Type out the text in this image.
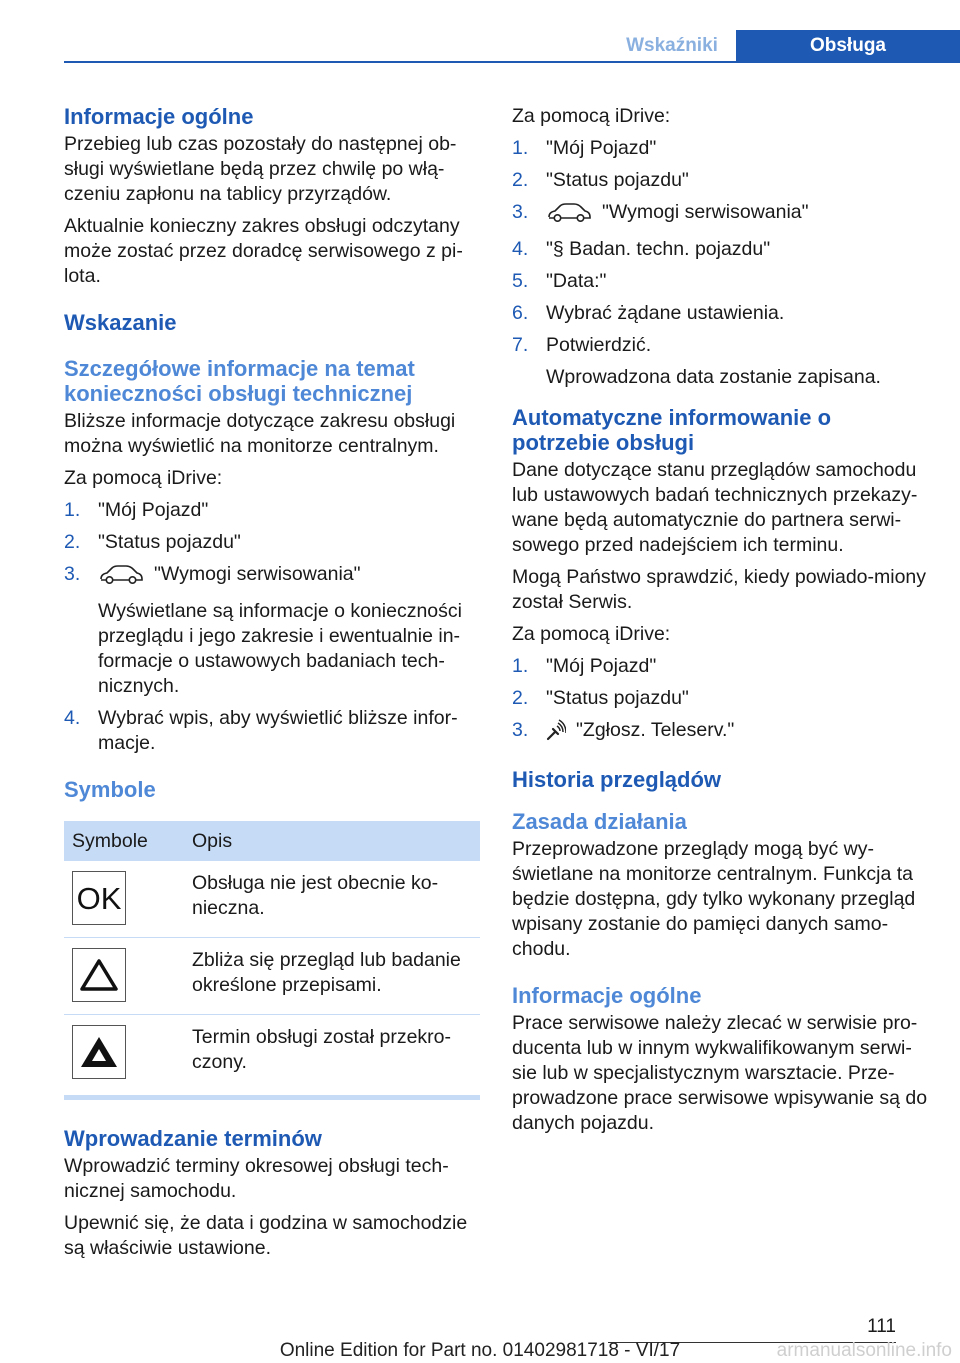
Wskaźniki	Obsługa
Informacje ogólne

Przebieg lub czas pozostały do następnej ob-sługi wyświetlane będą przez chwilę po włą-czeniu zapłonu na tablicy przyrządów.

Aktualnie konieczny zakres obsługi odczytany może zostać przez doradcę serwisowego z pi-lota.

Wskazanie
Szczegółowe informacje na temat konieczności obsługi technicznej

Bliższe informacje dotyczące zakresu obsługi można wyświetlić na monitorze centralnym.

Za pomocą iDrive:

1. "Mój Pojazd"
2. "Status pojazdu"
3.	"Wymogi serwisowania"
Wyświetlane są informacje o konieczności przeglądu i jego zakresie i ewentualnie in-formacje o ustawowych badaniach tech-nicznych.
4. Wybrać wpis, aby wyświetlić bliższe infor-macje.
Symbole
Symbole	Opis

OK	Obsługa nie jest obecnie ko-nieczna.

	Zbliża się przegląd lub badanie określone przepisami.

	Termin obsługi został przekro-czony.
Wprowadzanie terminów

Wprowadzić terminy okresowej obsługi tech-nicznej samochodu.

Upewnić się, że data i godzina w samochodzie są właściwie ustawione.

Za pomocą iDrive:

1. "Mój Pojazd"
2. "Status pojazdu"
3.	"Wymogi serwisowania"
4. "§ Badan. techn. pojazdu"
5. "Data:"
6. Wybrać żądane ustawienia.
7. Potwierdzić.
Wprowadzona data zostanie zapisana.
Automatyczne informowanie o potrzebie obsługi

Dane dotyczące stanu przeglądów samochodu lub ustawowych badań technicznych przekazy-wane będą automatycznie do partnera serwi-sowego przed nadejściem ich terminu.

Mogą Państwo sprawdzić, kiedy powiado-miony został Serwis.

Za pomocą iDrive:

1. "Mój Pojazd"
2. "Status pojazdu"
3. "Zgłosz. Teleserv."
Historia przeglądów
Zasada działania

Przeprowadzone przeglądy mogą być wy-świetlane na monitorze centralnym. Funkcja ta będzie dostępna, gdy tylko wykonany przegląd wpisany zostanie do pamięci danych samo-chodu.

Informacje ogólne

Prace serwisowe należy zlecać w serwisie pro-ducenta lub w innym wykwalifikowanym serwi-sie lub w specjalistycznym warsztacie. Prze-prowadzone prace serwisowe wpisywanie są do danych pojazdu.

111
Online Edition for Part no. 01402981718 - VI/17	armanualsonline.info
